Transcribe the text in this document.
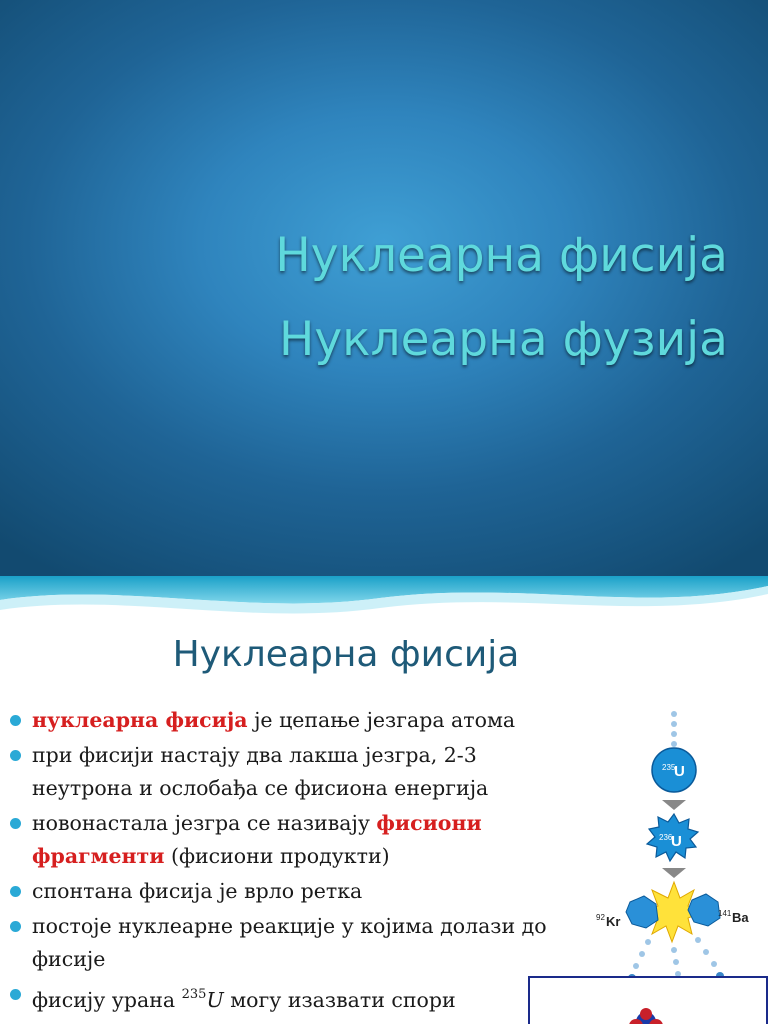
Нуклеарна фисија
Нуклеарна фузија
Нуклеарна фисија
нуклеарна фисија је цепање језгара атома
при фисији настају два лакша језгра, 2-3 неутрона и ослобађа се фисиона енергија
новонастала језгра се називају фисиони фрагменти (фисиони продукти)
спонтана фисија је врло ретка
постоје нуклеарне реакције у којима долази до фисије
фисију урана $^{235}$U могу изазвати спори
235
U
236
U
92 Kr
141 Ba
